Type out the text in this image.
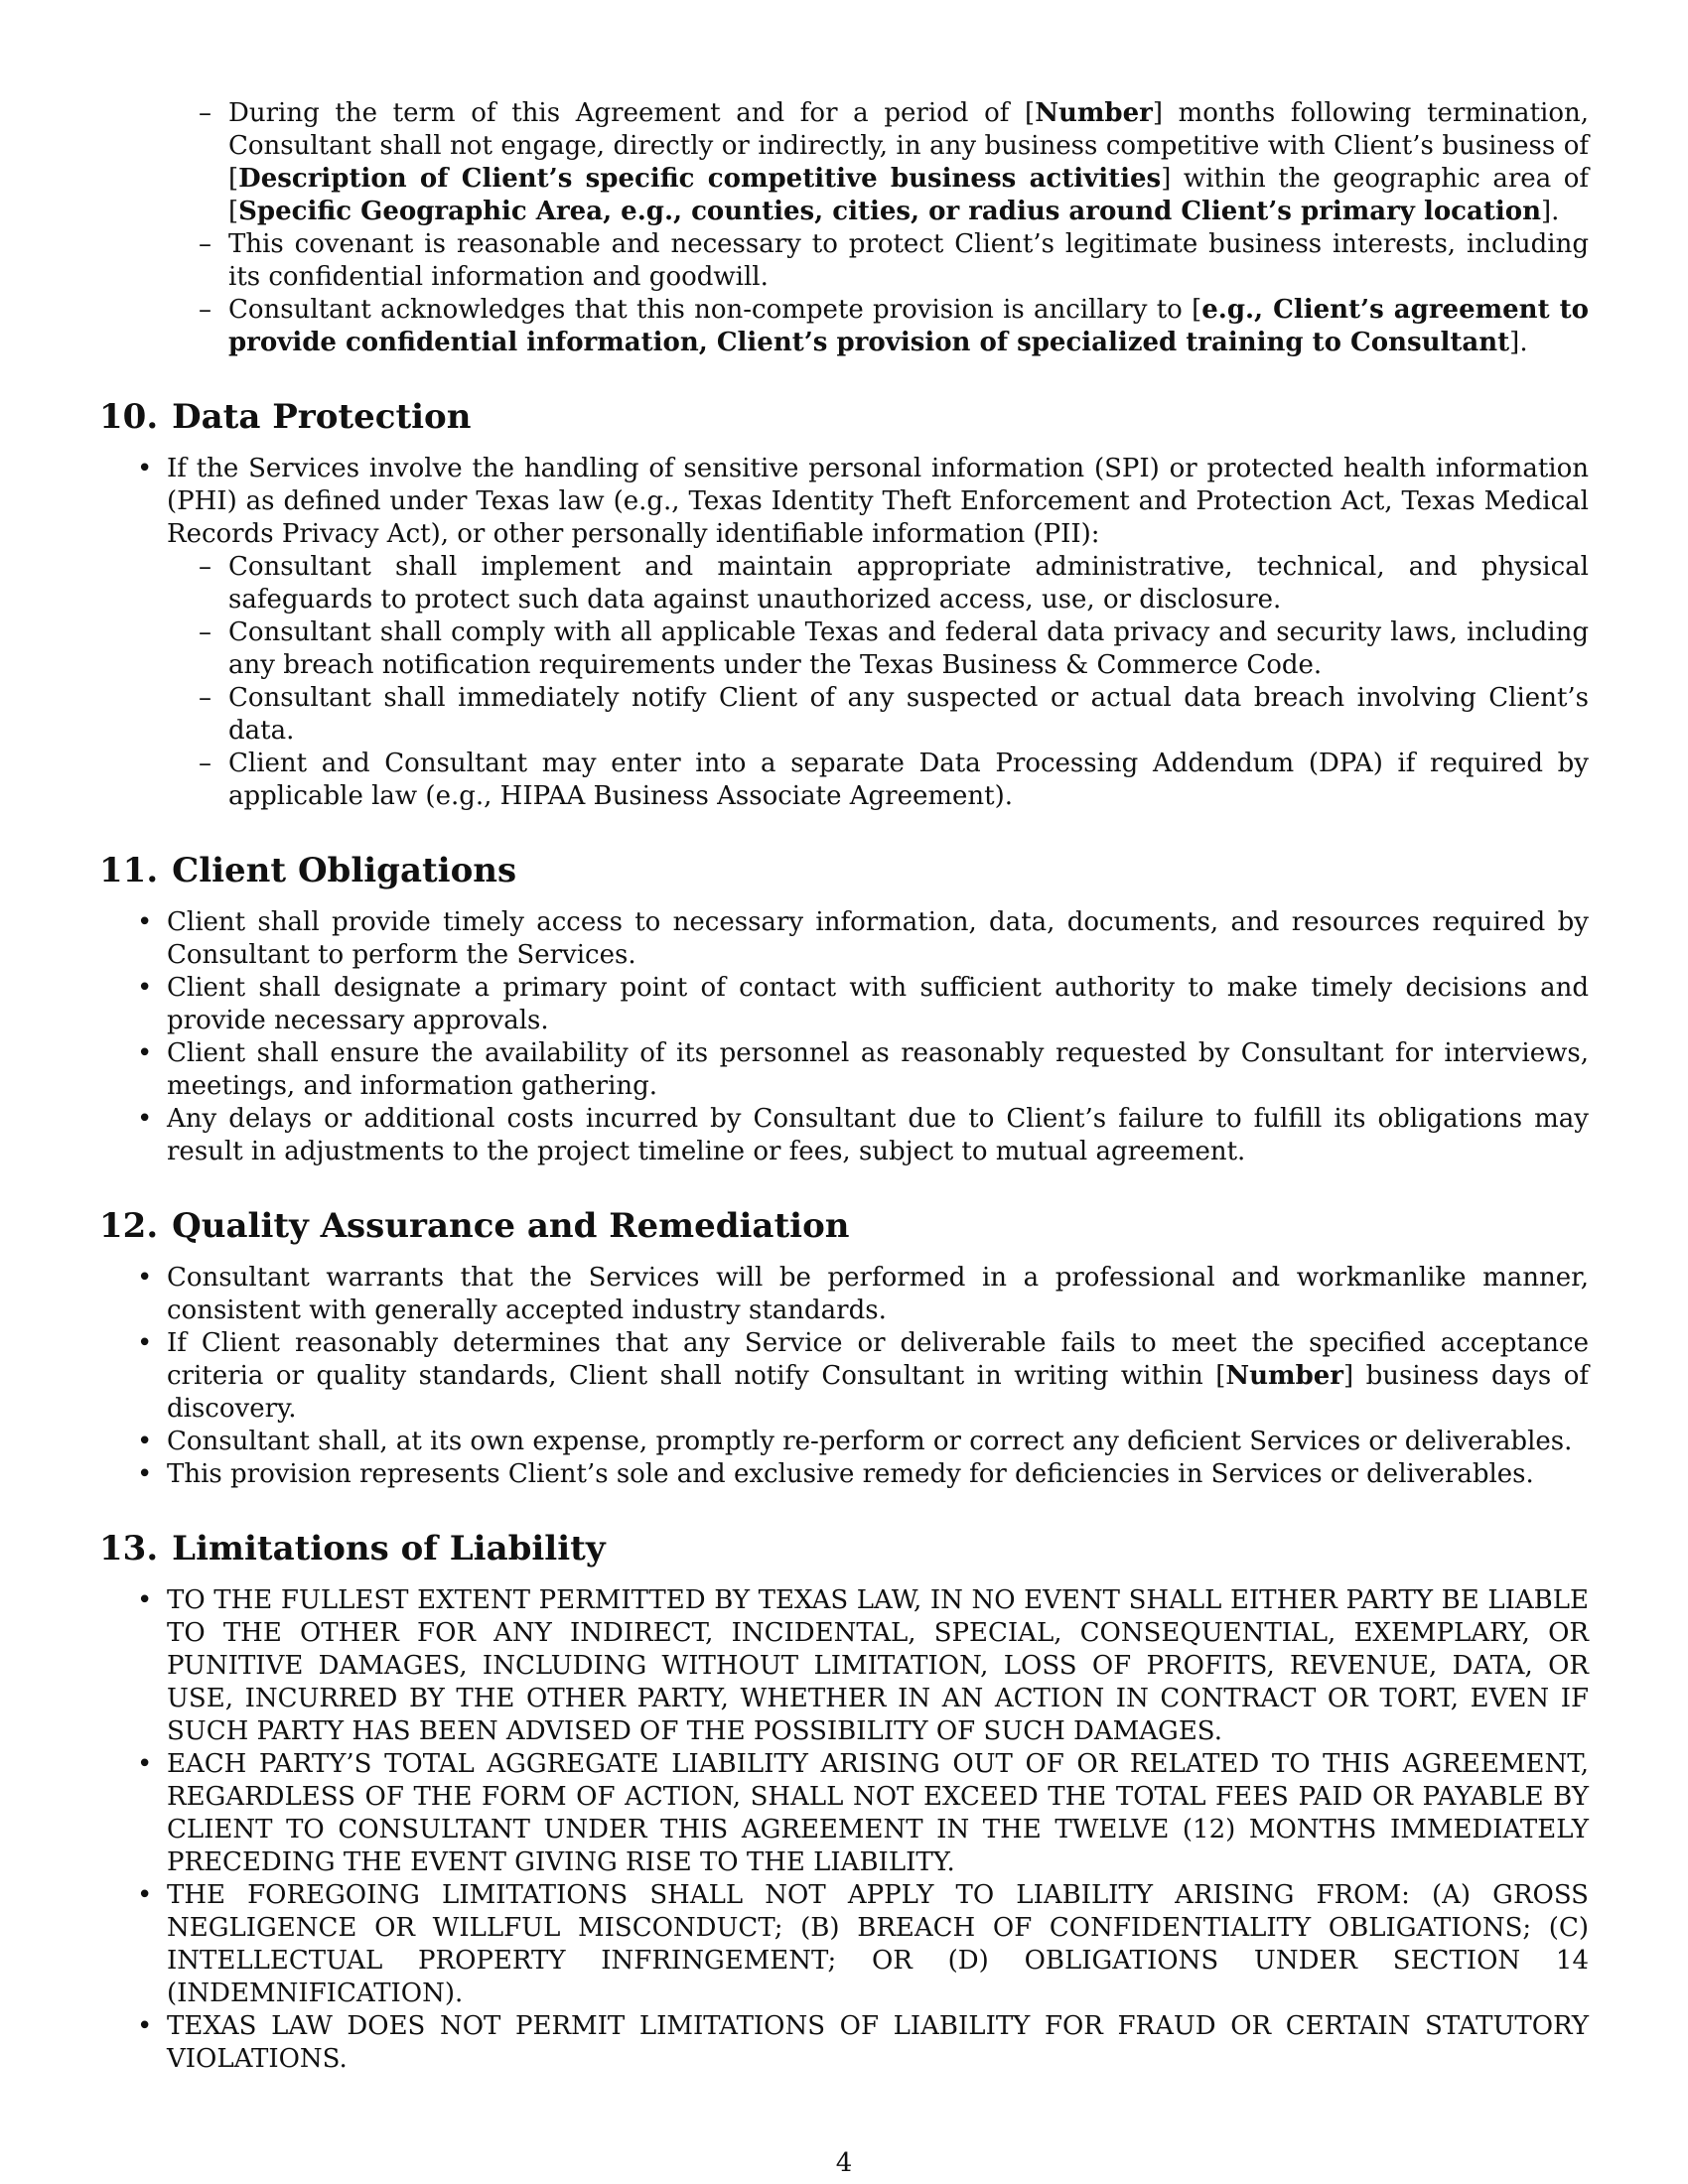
– During the term of this Agreement and for a period of [Number] months following termination, Consultant shall not engage, directly or indirectly, in any business competitive with Client’s business of [Description of Client’s specific competitive business activities] within the geographic area of [Specific Geographic Area, e.g., counties, cities, or radius around Client’s primary location].
– This covenant is reasonable and necessary to protect Client’s legitimate business interests, including its confidential information and goodwill.
– Consultant acknowledges that this non-compete provision is ancillary to [e.g., Client’s agreement to provide confidential information, Client’s provision of specialized training to Consultant].
10. Data Protection
• If the Services involve the handling of sensitive personal information (SPI) or protected health information (PHI) as defined under Texas law (e.g., Texas Identity Theft Enforcement and Protection Act, Texas Medical Records Privacy Act), or other personally identifiable information (PII):
– Consultant shall implement and maintain appropriate administrative, technical, and physical safeguards to protect such data against unauthorized access, use, or disclosure.
– Consultant shall comply with all applicable Texas and federal data privacy and security laws, including any breach notification requirements under the Texas Business & Commerce Code.
– Consultant shall immediately notify Client of any suspected or actual data breach involving Client’s data.
– Client and Consultant may enter into a separate Data Processing Addendum (DPA) if required by applicable law (e.g., HIPAA Business Associate Agreement).
11. Client Obligations
• Client shall provide timely access to necessary information, data, documents, and resources required by Consultant to perform the Services.
• Client shall designate a primary point of contact with sufficient authority to make timely decisions and provide necessary approvals.
• Client shall ensure the availability of its personnel as reasonably requested by Consultant for interviews, meetings, and information gathering.
• Any delays or additional costs incurred by Consultant due to Client’s failure to fulfill its obligations may result in adjustments to the project timeline or fees, subject to mutual agreement.
12. Quality Assurance and Remediation
• Consultant warrants that the Services will be performed in a professional and workmanlike manner, consistent with generally accepted industry standards.
• If Client reasonably determines that any Service or deliverable fails to meet the specified acceptance criteria or quality standards, Client shall notify Consultant in writing within [Number] business days of discovery.
• Consultant shall, at its own expense, promptly re-perform or correct any deficient Services or deliverables.
• This provision represents Client’s sole and exclusive remedy for deficiencies in Services or deliverables.
13. Limitations of Liability
• TO THE FULLEST EXTENT PERMITTED BY TEXAS LAW, IN NO EVENT SHALL EITHER PARTY BE LIABLE TO THE OTHER FOR ANY INDIRECT, INCIDENTAL, SPECIAL, CONSEQUENTIAL, EXEMPLARY, OR PUNITIVE DAMAGES, INCLUDING WITHOUT LIMITATION, LOSS OF PROFITS, REVENUE, DATA, OR USE, INCURRED BY THE OTHER PARTY, WHETHER IN AN ACTION IN CONTRACT OR TORT, EVEN IF SUCH PARTY HAS BEEN ADVISED OF THE POSSIBILITY OF SUCH DAMAGES.
• EACH PARTY’S TOTAL AGGREGATE LIABILITY ARISING OUT OF OR RELATED TO THIS AGREEMENT, REGARDLESS OF THE FORM OF ACTION, SHALL NOT EXCEED THE TOTAL FEES PAID OR PAYABLE BY CLIENT TO CONSULTANT UNDER THIS AGREEMENT IN THE TWELVE (12) MONTHS IMMEDIATELY PRECEDING THE EVENT GIVING RISE TO THE LIABILITY.
• THE FOREGOING LIMITATIONS SHALL NOT APPLY TO LIABILITY ARISING FROM: (A) GROSS NEGLIGENCE OR WILLFUL MISCONDUCT; (B) BREACH OF CONFIDENTIALITY OBLIGATIONS; (C) INTELLECTUAL PROPERTY INFRINGEMENT; OR (D) OBLIGATIONS UNDER SECTION 14 (INDEMNIFICATION).
• TEXAS LAW DOES NOT PERMIT LIMITATIONS OF LIABILITY FOR FRAUD OR CERTAIN STATUTORY VIOLATIONS.
4
